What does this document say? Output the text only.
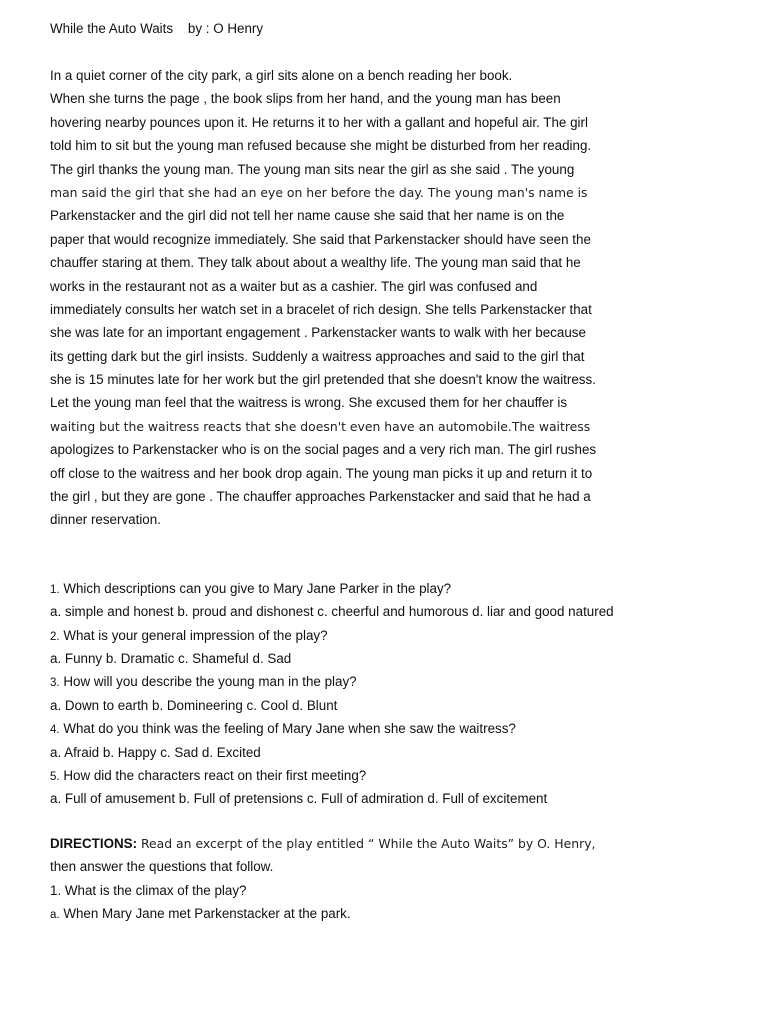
While the Auto Waits    by : O Henry
In a quiet corner of the city park, a girl sits alone on a bench reading her book.
When she turns the page , the book slips from her hand, and the young man has been
hovering nearby pounces upon it. He returns it to her with a gallant and hopeful air. The girl
told him to sit but the young man refused because she might be disturbed from her reading.
The girl thanks the young man. The young man sits near the girl as she said . The young
man said the girl that she had an eye on her before the day. The young man's name is
Parkenstacker and the girl did not tell her name cause she said that her name is on the
paper that would recognize immediately. She said that Parkenstacker should have seen the
chauffer staring at them. They talk about about a wealthy life. The young man said that he
works in the restaurant not as a waiter but as a cashier. The girl was confused and
immediately consults her watch set in a bracelet of rich design. She tells Parkenstacker that
she was late for an important engagement . Parkenstacker wants to walk with her because
its getting dark but the girl insists. Suddenly a waitress approaches and said to the girl that
she is 15 minutes late for her work but the girl pretended that she doesn't know the waitress.
Let the young man feel that the waitress is wrong. She excused them for her chauffer is
waiting but the waitress reacts that she doesn't even have an automobile.The waitress
apologizes to Parkenstacker who is on the social pages and a very rich man. The girl rushes
off close to the waitress and her book drop again. The young man picks it up and return it to
the girl , but they are gone . The chauffer approaches Parkenstacker and said that he had a
dinner reservation.
1. Which descriptions can you give to Mary Jane Parker in the play?
a. simple and honest b. proud and dishonest c. cheerful and humorous d. liar and good natured
2. What is your general impression of the play?
a. Funny b. Dramatic c. Shameful d. Sad
3. How will you describe the young man in the play?
a. Down to earth b. Domineering c. Cool d. Blunt
4. What do you think was the feeling of Mary Jane when she saw the waitress?
a. Afraid b. Happy c. Sad d. Excited
5. How did the characters react on their first meeting?
a. Full of amusement b. Full of pretensions c. Full of admiration d. Full of excitement
DIRECTIONS: Read an excerpt of the play entitled “ While the Auto Waits” by O. Henry,
then answer the questions that follow.
1. What is the climax of the play?
a. When Mary Jane met Parkenstacker at the park.
